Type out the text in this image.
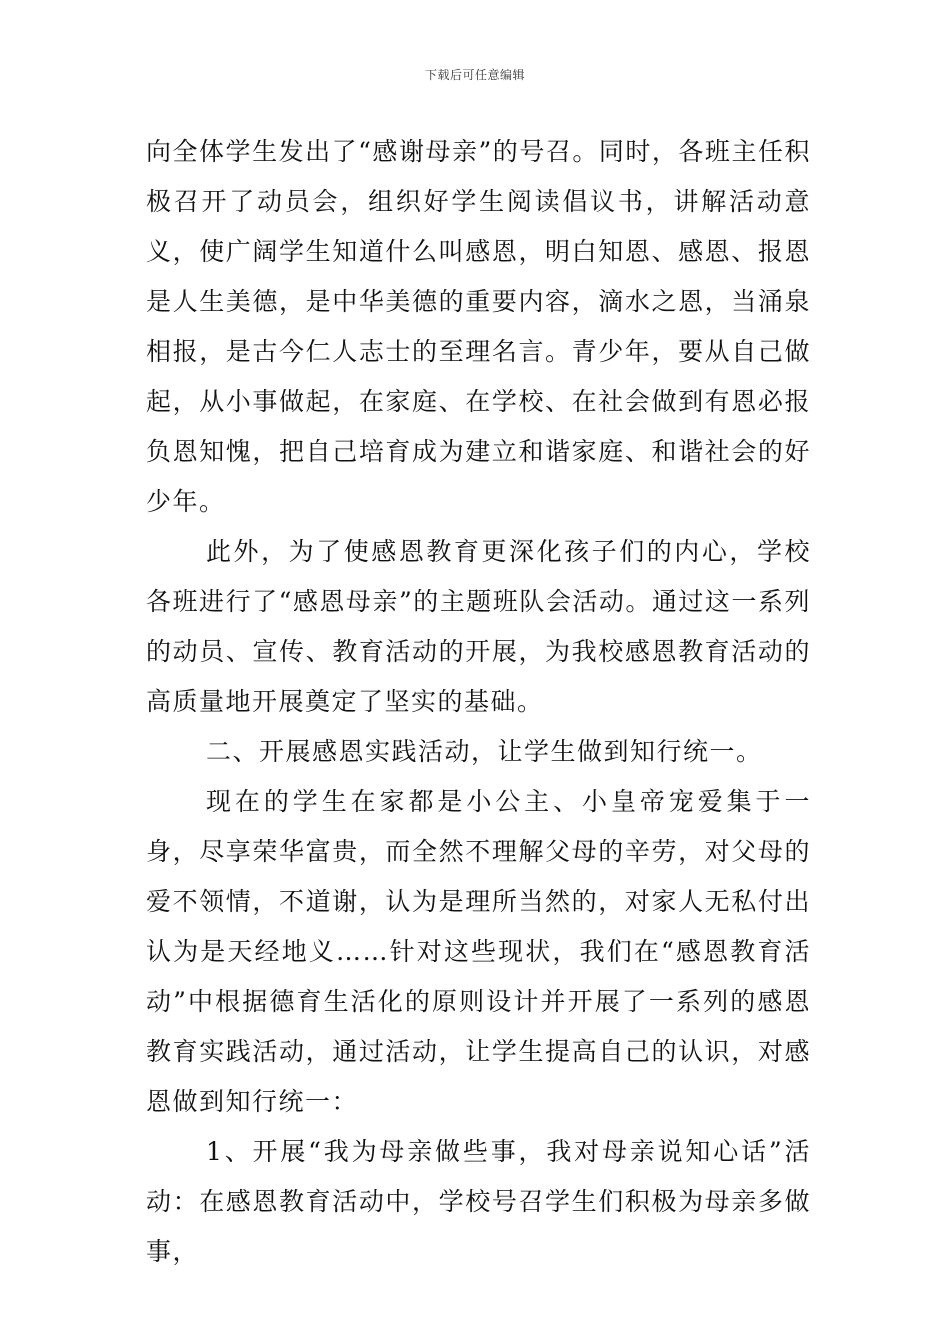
下载后可任意编辑

向全体学生发出了“感谢母亲”的号召。同时，各班主任积极召开了动员会，组织好学生阅读倡议书，讲解活动意义，使广阔学生知道什么叫感恩，明白知恩、感恩、报恩是人生美德，是中华美德的重要内容，滴水之恩，当涌泉相报，是古今仁人志士的至理名言。青少年，要从自己做起，从小事做起，在家庭、在学校、在社会做到有恩必报负恩知愧，把自己培育成为建立和谐家庭、和谐社会的好少年。

此外，为了使感恩教育更深化孩子们的内心，学校各班进行了“感恩母亲”的主题班队会活动。通过这一系列的动员、宣传、教育活动的开展，为我校感恩教育活动的高质量地开展奠定了坚实的基础。

二、开展感恩实践活动，让学生做到知行统一。

现在的学生在家都是小公主、小皇帝宠爱集于一身，尽享荣华富贵，而全然不理解父母的辛劳，对父母的爱不领情，不道谢，认为是理所当然的，对家人无私付出认为是天经地义……针对这些现状，我们在“感恩教育活动”中根据德育生活化的原则设计并开展了一系列的感恩教育实践活动，通过活动，让学生提高自己的认识，对感恩做到知行统一：

1、开展“我为母亲做些事，我对母亲说知心话”活动：在感恩教育活动中，学校号召学生们积极为母亲多做事，
